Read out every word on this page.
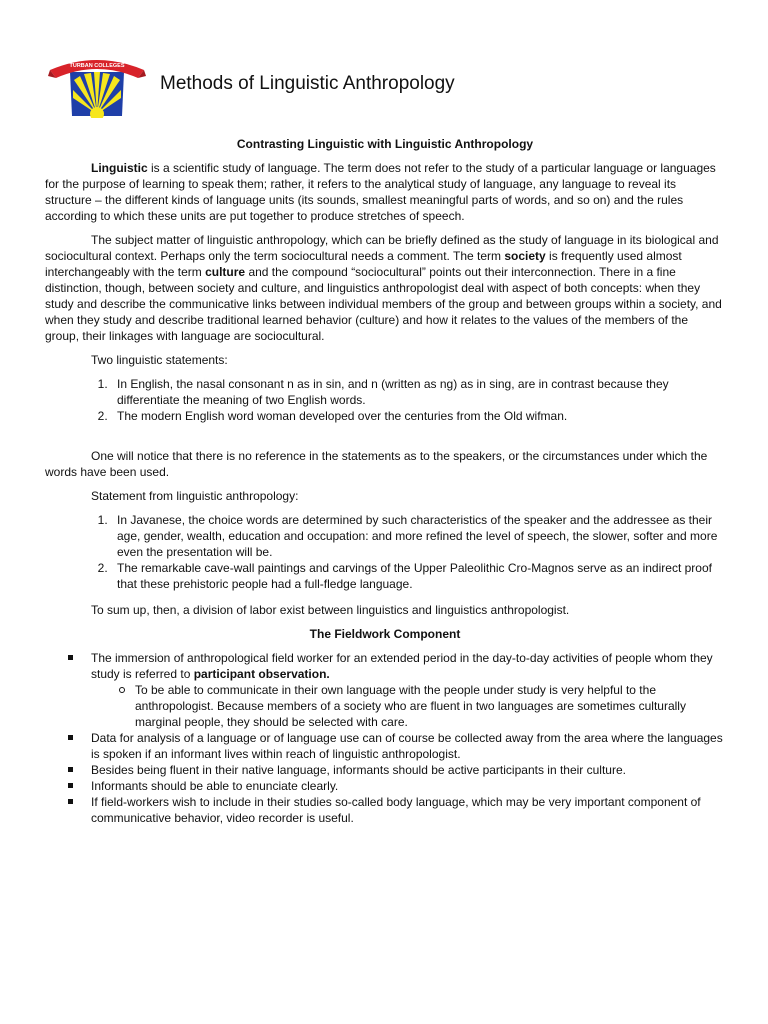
TURBAN COLLEGES
Methods of Linguistic Anthropology
Contrasting Linguistic with Linguistic Anthropology

Linguistic is a scientific study of language. The term does not refer to the study of a particular language or languages for the purpose of learning to speak them; rather, it refers to the analytical study of language, any language to reveal its structure – the different kinds of language units (its sounds, smallest meaningful parts of words, and so on) and the rules according to which these units are put together to produce stretches of speech.

The subject matter of linguistic anthropology, which can be briefly defined as the study of language in its biological and sociocultural context. Perhaps only the term sociocultural needs a comment. The term society is frequently used almost interchangeably with the term culture and the compound “sociocultural” points out their interconnection. There in a fine distinction, though, between society and culture, and linguistics anthropologist deal with aspect of both concepts: when they study and describe the communicative links between individual members of the group and between groups within a society, and when they study and describe traditional learned behavior (culture) and how it relates to the values of the members of the group, their linkages with language are sociocultural.

Two linguistic statements:

1. In English, the nasal consonant n as in sin, and n (written as ng) as in sing, are in contrast because they differentiate the meaning of two English words.
2. The modern English word woman developed over the centuries from the Old wifman.

One will notice that there is no reference in the statements as to the speakers, or the circumstances under which the words have been used.

Statement from linguistic anthropology:

1. In Javanese, the choice words are determined by such characteristics of the speaker and the addressee as their age, gender, wealth, education and occupation: and more refined the level of speech, the slower, softer and more even the presentation will be.
2. The remarkable cave-wall paintings and carvings of the Upper Paleolithic Cro-Magnos serve as an indirect proof that these prehistoric people had a full-fledge language.

To sum up, then, a division of labor exist between linguistics and linguistics anthropologist.

The Fieldwork Component
The immersion of anthropological field worker for an extended period in the day-to-day activities of people whom they study is referred to participant observation.
To be able to communicate in their own language with the people under study is very helpful to the anthropologist. Because members of a society who are fluent in two languages are sometimes culturally marginal people, they should be selected with care.
Data for analysis of a language or of language use can of course be collected away from the area where the languages is spoken if an informant lives within reach of linguistic anthropologist.
Besides being fluent in their native language, informants should be active participants in their culture.
Informants should be able to enunciate clearly.
If field-workers wish to include in their studies so-called body language, which may be very important component of communicative behavior, video recorder is useful.
